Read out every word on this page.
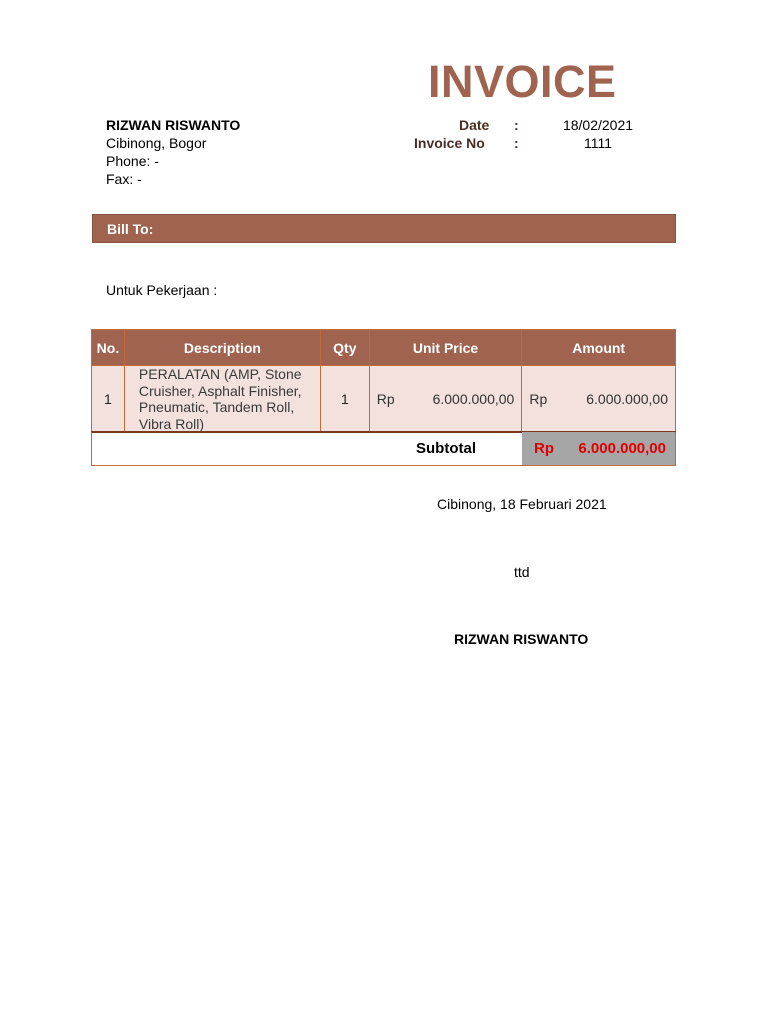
INVOICE
RIZWAN RISWANTO
Cibinong, Bogor
Phone: -
Fax: -
Date :	18/02/2021
Invoice No :	1111
Bill To:
Untuk Pekerjaan :
No.	Description	Qty	Unit Price	Amount
1	PERALATAN (AMP, Stone Cruisher, Asphalt Finisher, Pneumatic, Tandem Roll, Vibra Roll)	1	Rp 6.000.000,00	Rp 6.000.000,00
Subtotal	Rp 6.000.000,00
Cibinong, 18 Februari 2021
ttd
RIZWAN RISWANTO
